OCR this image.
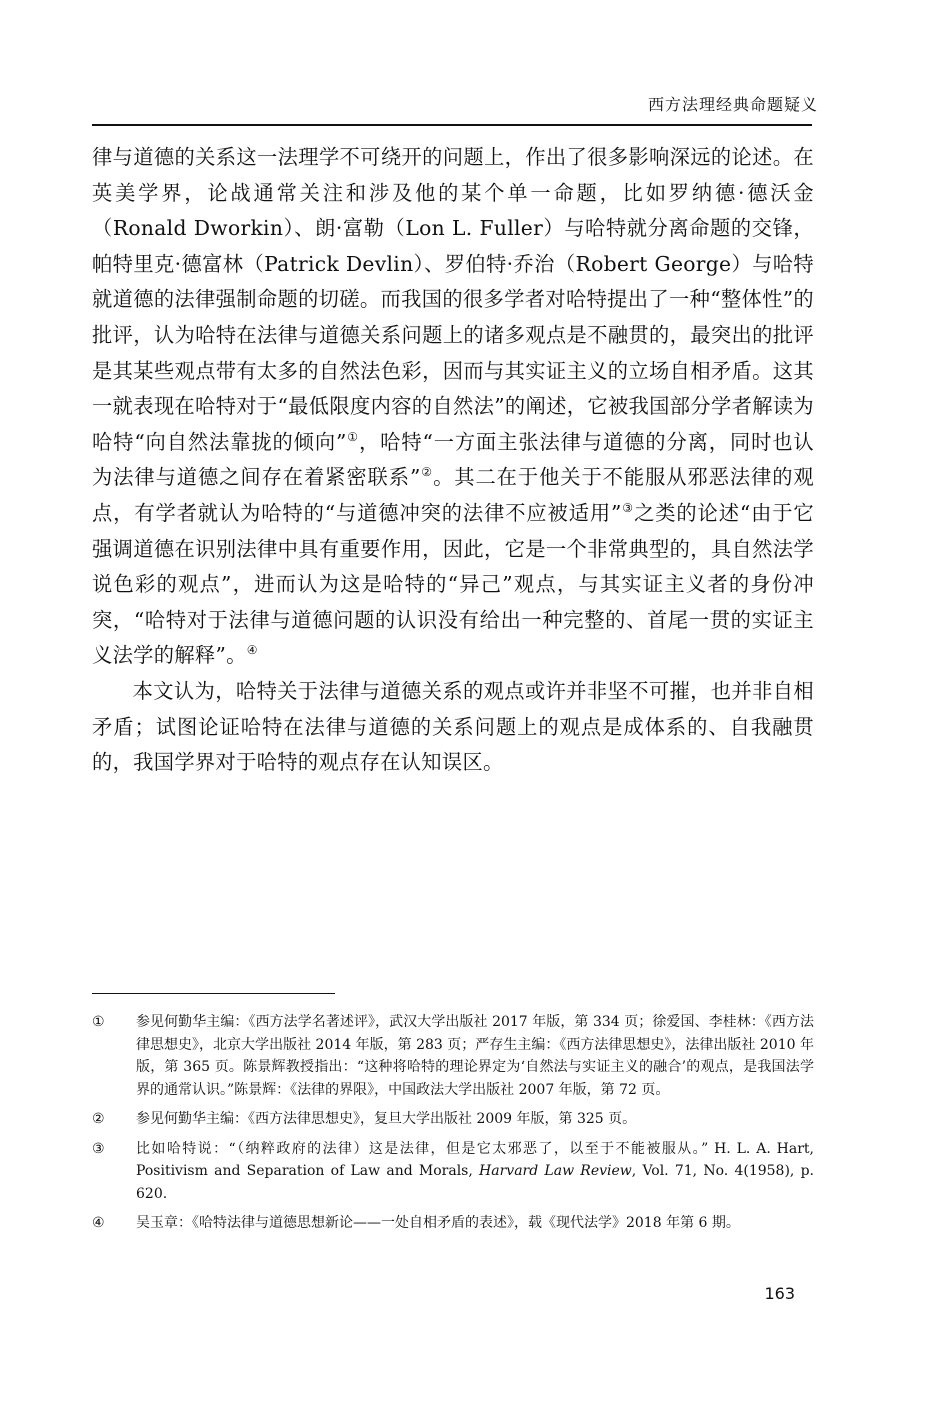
西方法理经典命题疑义

律与道德的关系这一法理学不可绕开的问题上，作出了很多影响深远的论述。在英美学界，论战通常关注和涉及他的某个单一命题，比如罗纳德·德沃金（Ronald Dworkin）、朗·富勒（Lon L. Fuller）与哈特就分离命题的交锋，帕特里克·德富林（Patrick Devlin）、罗伯特·乔治（Robert George）与哈特就道德的法律强制命题的切磋。而我国的很多学者对哈特提出了一种“整体性”的批评，认为哈特在法律与道德关系问题上的诸多观点是不融贯的，最突出的批评是其某些观点带有太多的自然法色彩，因而与其实证主义的立场自相矛盾。这其一就表现在哈特对于“最低限度内容的自然法”的阐述，它被我国部分学者解读为哈特“向自然法靠拢的倾向”①，哈特“一方面主张法律与道德的分离，同时也认为法律与道德之间存在着紧密联系”②。其二在于他关于不能服从邪恶法律的观点，有学者就认为哈特的“与道德冲突的法律不应被适用”③之类的论述“由于它强调道德在识别法律中具有重要作用，因此，它是一个非常典型的，具自然法学说色彩的观点”，进而认为这是哈特的“异己”观点，与其实证主义者的身份冲突，“哈特对于法律与道德问题的认识没有给出一种完整的、首尾一贯的实证主义法学的解释”。④

本文认为，哈特关于法律与道德关系的观点或许并非坚不可摧，也并非自相矛盾；试图论证哈特在法律与道德的关系问题上的观点是成体系的、自我融贯的，我国学界对于哈特的观点存在认知误区。

①	参见何勤华主编：《西方法学名著述评》，武汉大学出版社 2017 年版，第 334 页；徐爱国、李桂林：《西方法律思想史》，北京大学出版社 2014 年版，第 283 页；严存生主编：《西方法律思想史》，法律出版社 2010 年版，第 365 页。陈景辉教授指出：“这种将哈特的理论界定为‘自然法与实证主义的融合’的观点，是我国法学界的通常认识。”陈景辉：《法律的界限》，中国政法大学出版社 2007 年版，第 72 页。
②	参见何勤华主编：《西方法律思想史》，复旦大学出版社 2009 年版，第 325 页。
③	比如哈特说：“（纳粹政府的法律）这是法律，但是它太邪恶了，以至于不能被服从。” H. L. A. Hart, Positivism and Separation of Law and Morals, Harvard Law Review, Vol. 71, No. 4(1958), p. 620.
④	吴玉章：《哈特法律与道德思想新论——一处自相矛盾的表述》，载《现代法学》2018 年第 6 期。
163
